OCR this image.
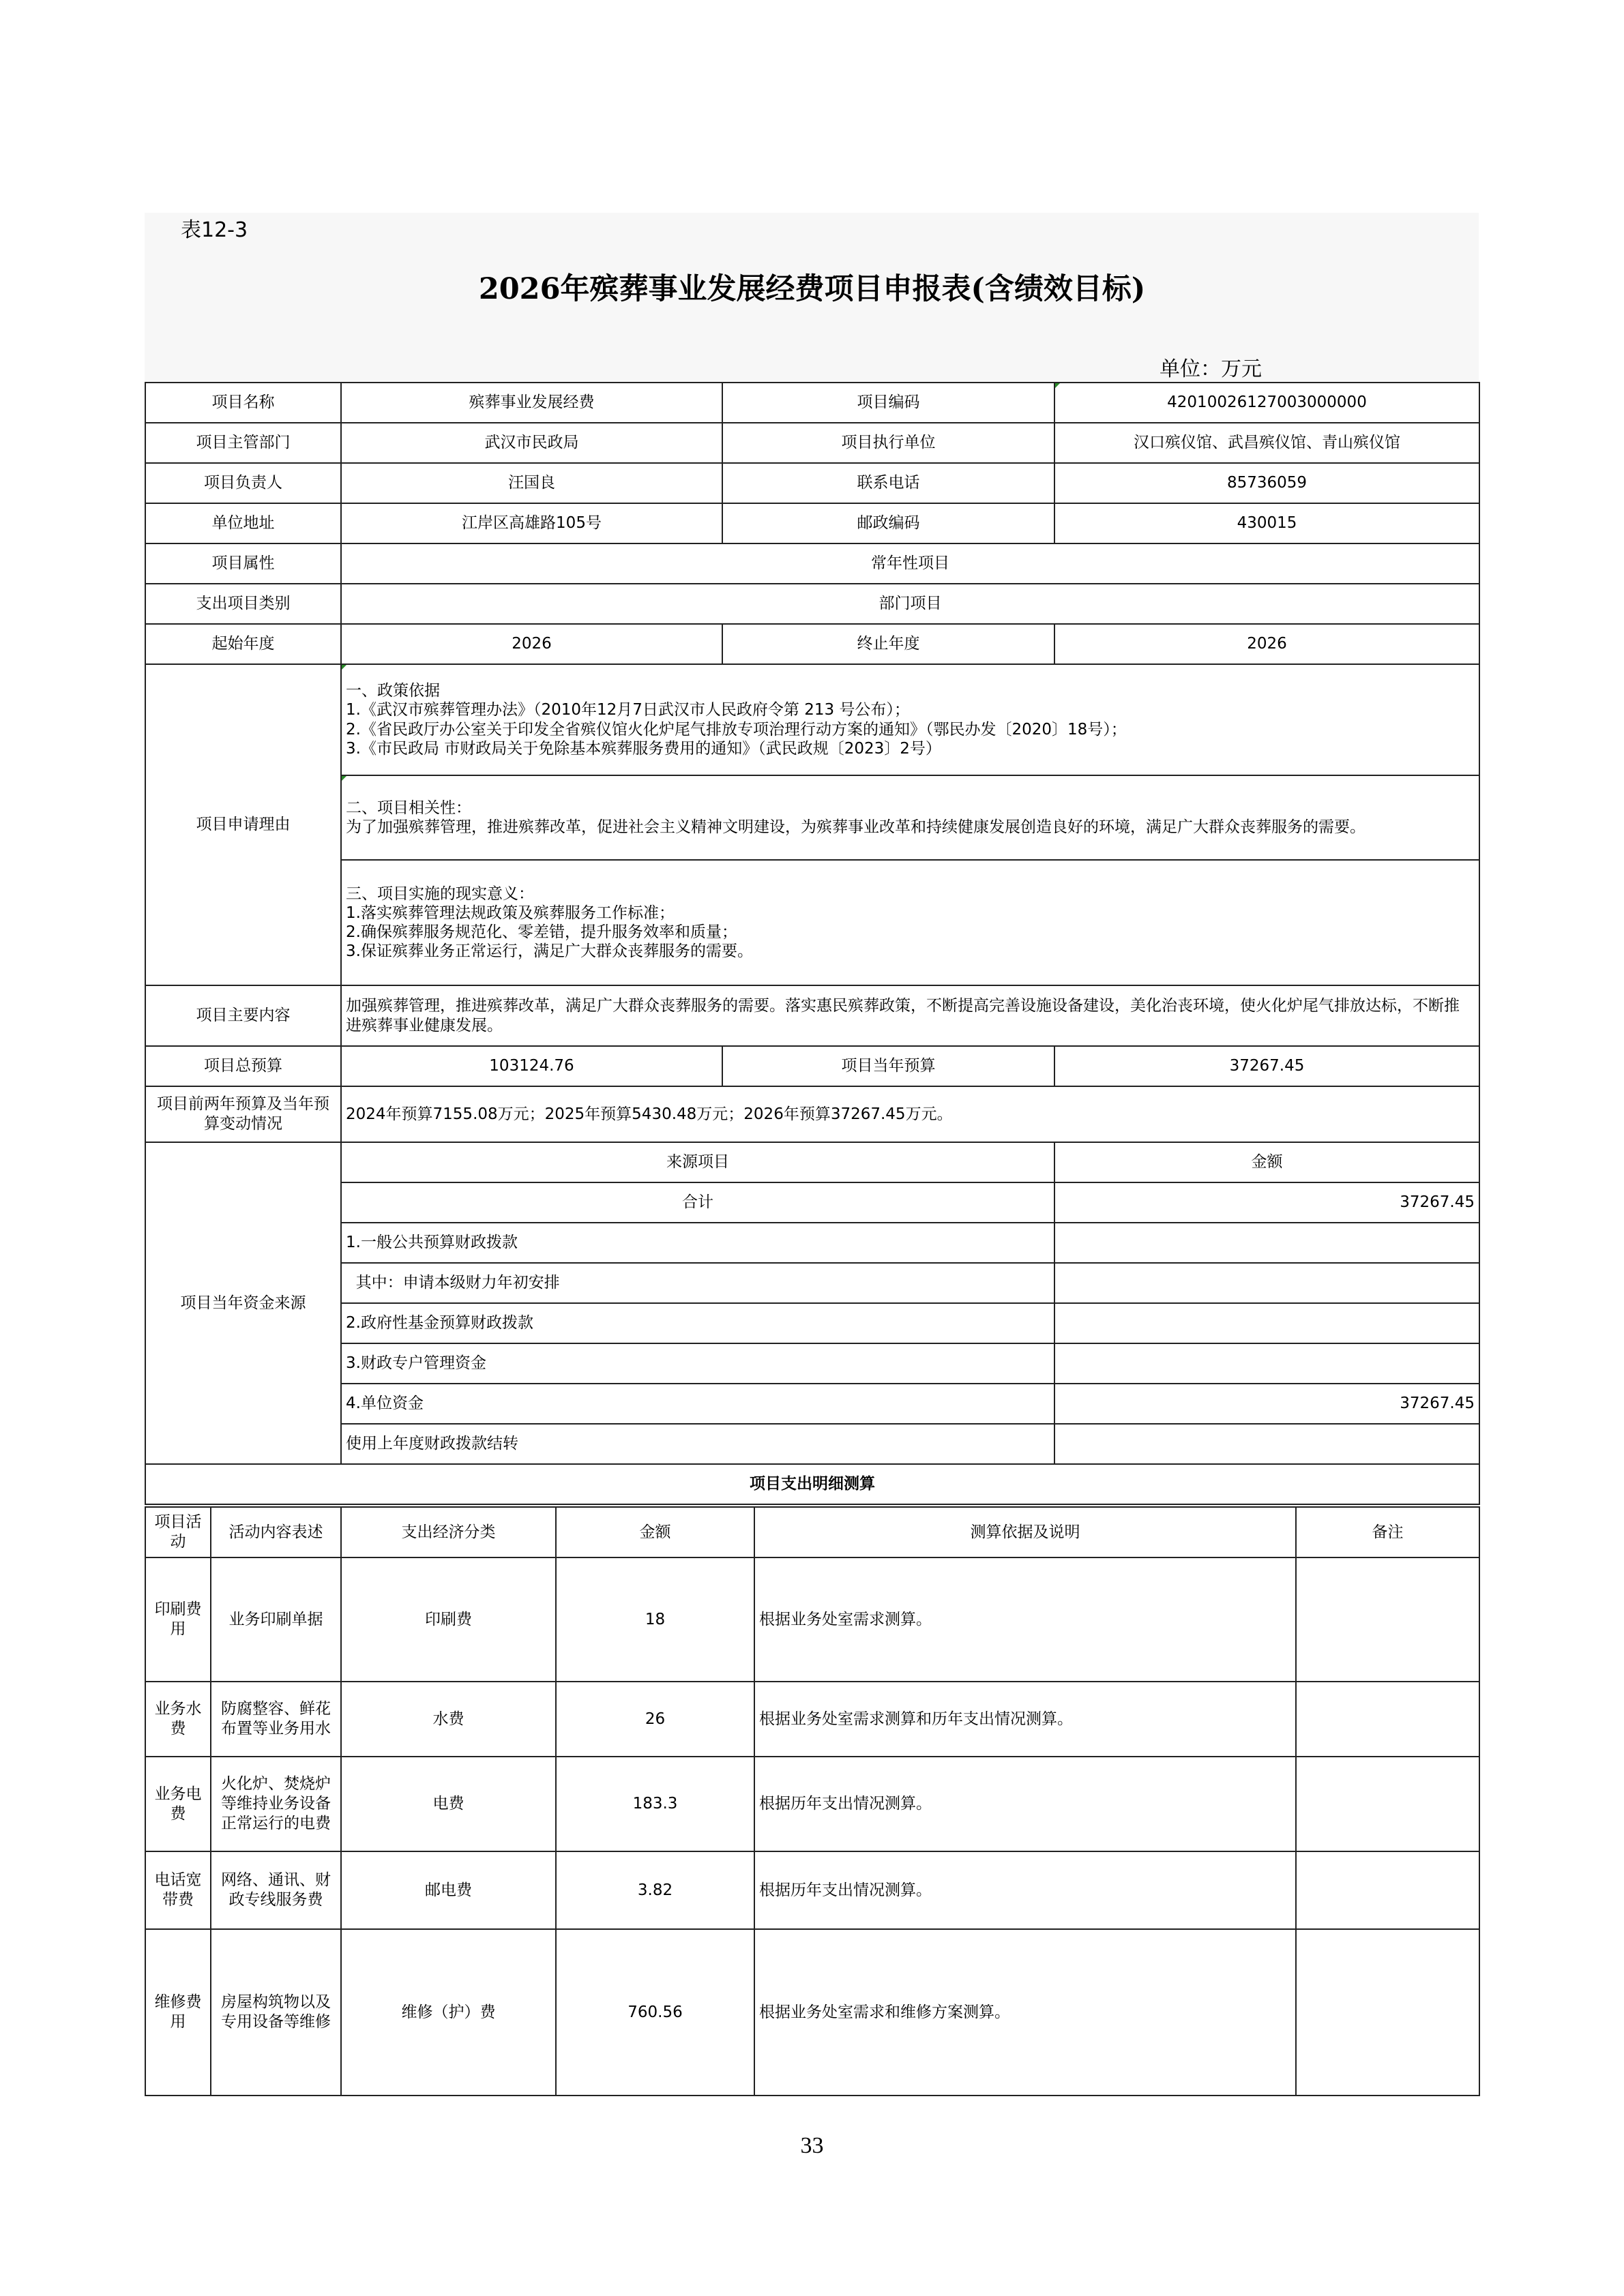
表12-3
2026年殡葬事业发展经费项目申报表(含绩效目标)
单位：万元
项目名称	殡葬事业发展经费	项目编码	42010026127003000000
项目主管部门	武汉市民政局	项目执行单位	汉口殡仪馆、武昌殡仪馆、青山殡仪馆
项目负责人	汪国良	联系电话	85736059
单位地址	江岸区高雄路105号	邮政编码	430015
项目属性	常年性项目		
支出项目类别	部门项目		
起始年度	2026	终止年度	2026
项目申请理由	一、政策依据
1.《武汉市殡葬管理办法》（2010年12月7日武汉市人民政府令第 213 号公布）；
2.《省民政厅办公室关于印发全省殡仪馆火化炉尾气排放专项治理行动方案的通知》（鄂民办发〔2020〕18号）；
3.《市民政局 市财政局关于免除基本殡葬服务费用的通知》（武民政规〔2023〕2号）		
	二、项目相关性：
为了加强殡葬管理，推进殡葬改革，促进社会主义精神文明建设，为殡葬事业改革和持续健康发展创造良好的环境，满足广大群众丧葬服务的需要。		
	三、项目实施的现实意义：
1.落实殡葬管理法规政策及殡葬服务工作标准；
2.确保殡葬服务规范化、零差错，提升服务效率和质量；
3.保证殡葬业务正常运行，满足广大群众丧葬服务的需要。		
项目主要内容	加强殡葬管理，推进殡葬改革，满足广大群众丧葬服务的需要。落实惠民殡葬政策，不断提高完善设施设备建设，美化治丧环境，使火化炉尾气排放达标，不断推进殡葬事业健康发展。		
项目总预算	103124.76	项目当年预算	37267.45
项目前两年预算及当年预算变动情况	2024年预算7155.08万元；2025年预算5430.48万元；2026年预算37267.45万元。		
项目当年资金来源	来源项目		金额
	合计		37267.45
	1.一般公共预算财政拨款		
	其中：申请本级财力年初安排		
	2.政府性基金预算财政拨款		
	3.财政专户管理资金		
	4.单位资金		37267.45
	使用上年度财政拨款结转		
项目支出明细测算			
项目活动	活动内容表述	支出经济分类	金额	测算依据及说明	备注
印刷费用	业务印刷单据	印刷费	18	根据业务处室需求测算。	
业务水费	防腐整容、鲜花布置等业务用水	水费	26	根据业务处室需求测算和历年支出情况测算。	
业务电费	火化炉、焚烧炉等维持业务设备正常运行的电费	电费	183.3	根据历年支出情况测算。	
电话宽带费	网络、通讯、财政专线服务费	邮电费	3.82	根据历年支出情况测算。	
维修费用	房屋构筑物以及专用设备等维修	维修（护）费	760.56	根据业务处室需求和维修方案测算。	
33
